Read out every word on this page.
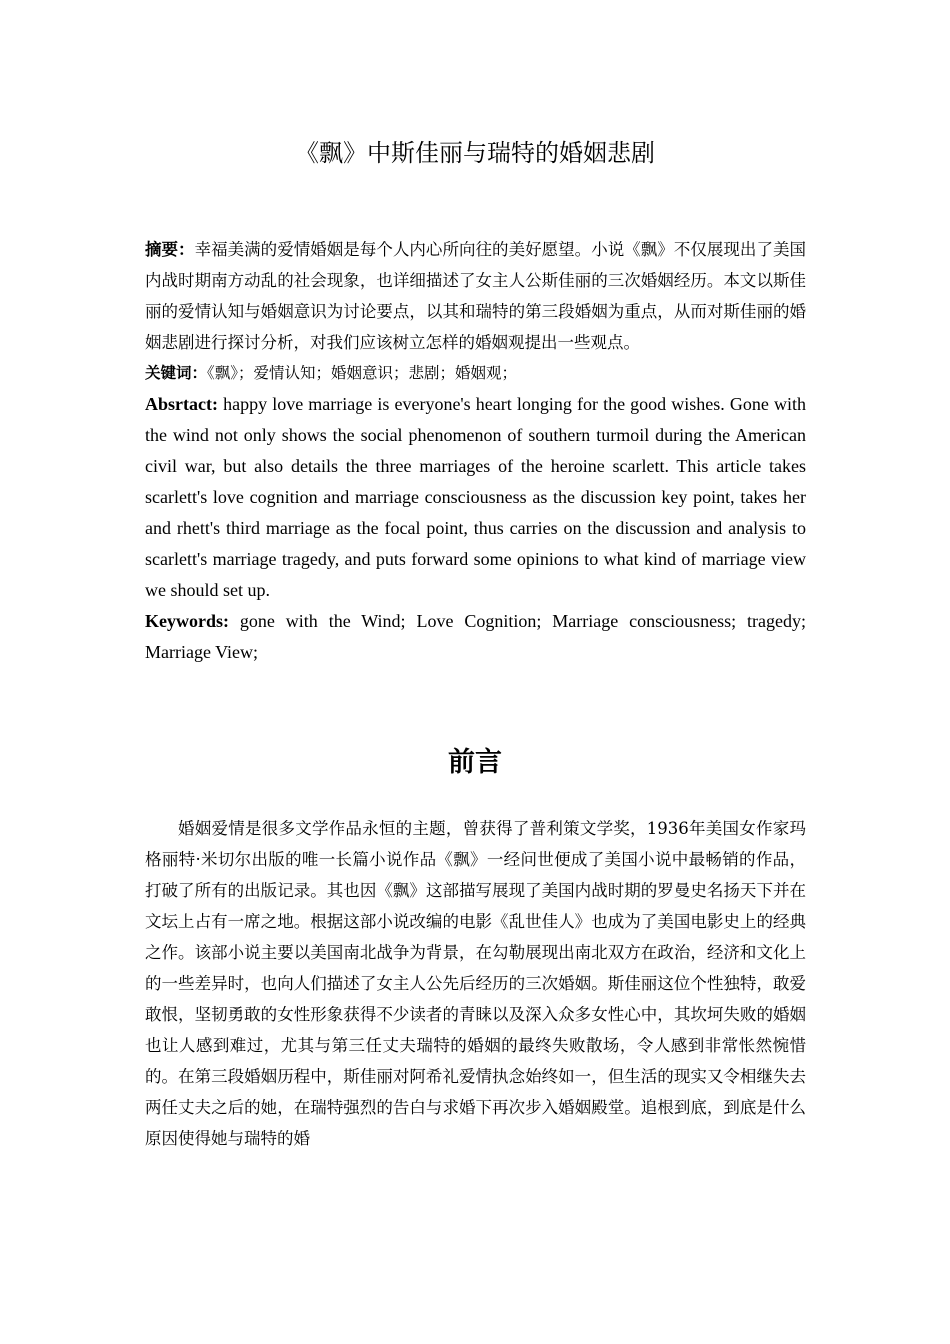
《飘》中斯佳丽与瑞特的婚姻悲剧

摘要：幸福美满的爱情婚姻是每个人内心所向往的美好愿望。小说《飘》不仅展现出了美国内战时期南方动乱的社会现象，也详细描述了女主人公斯佳丽的三次婚姻经历。本文以斯佳丽的爱情认知与婚姻意识为讨论要点，以其和瑞特的第三段婚姻为重点，从而对斯佳丽的婚姻悲剧进行探讨分析，对我们应该树立怎样的婚姻观提出一些观点。

关键词：《飘》；爱情认知；婚姻意识；悲剧；婚姻观；

Absrtact: happy love marriage is everyone's heart longing for the good wishes. Gone with the wind not only shows the social phenomenon of southern turmoil during the American civil war, but also details the three marriages of the heroine scarlett. This article takes scarlett's love cognition and marriage consciousness as the discussion key point, takes her and rhett's third marriage as the focal point, thus carries on the discussion and analysis to scarlett's marriage tragedy, and puts forward some opinions to what kind of marriage view we should set up.

Keywords: gone with the Wind; Love Cognition; Marriage consciousness; tragedy; Marriage View;

前言

婚姻爱情是很多文学作品永恒的主题，曾获得了普利策文学奖，1936年美国女作家玛格丽特·米切尔出版的唯一长篇小说作品《飘》一经问世便成了美国小说中最畅销的作品，打破了所有的出版记录。其也因《飘》这部描写展现了美国内战时期的罗曼史名扬天下并在文坛上占有一席之地。根据这部小说改编的电影《乱世佳人》也成为了美国电影史上的经典之作。该部小说主要以美国南北战争为背景，在勾勒展现出南北双方在政治，经济和文化上的一些差异时，也向人们描述了女主人公先后经历的三次婚姻。斯佳丽这位个性独特，敢爱敢恨，坚韧勇敢的女性形象获得不少读者的青睐以及深入众多女性心中，其坎坷失败的婚姻也让人感到难过，尤其与第三任丈夫瑞特的婚姻的最终失败散场，令人感到非常怅然惋惜的。在第三段婚姻历程中，斯佳丽对阿希礼爱情执念始终如一，但生活的现实又令相继失去两任丈夫之后的她，在瑞特强烈的告白与求婚下再次步入婚姻殿堂。追根到底，到底是什么原因使得她与瑞特的婚
